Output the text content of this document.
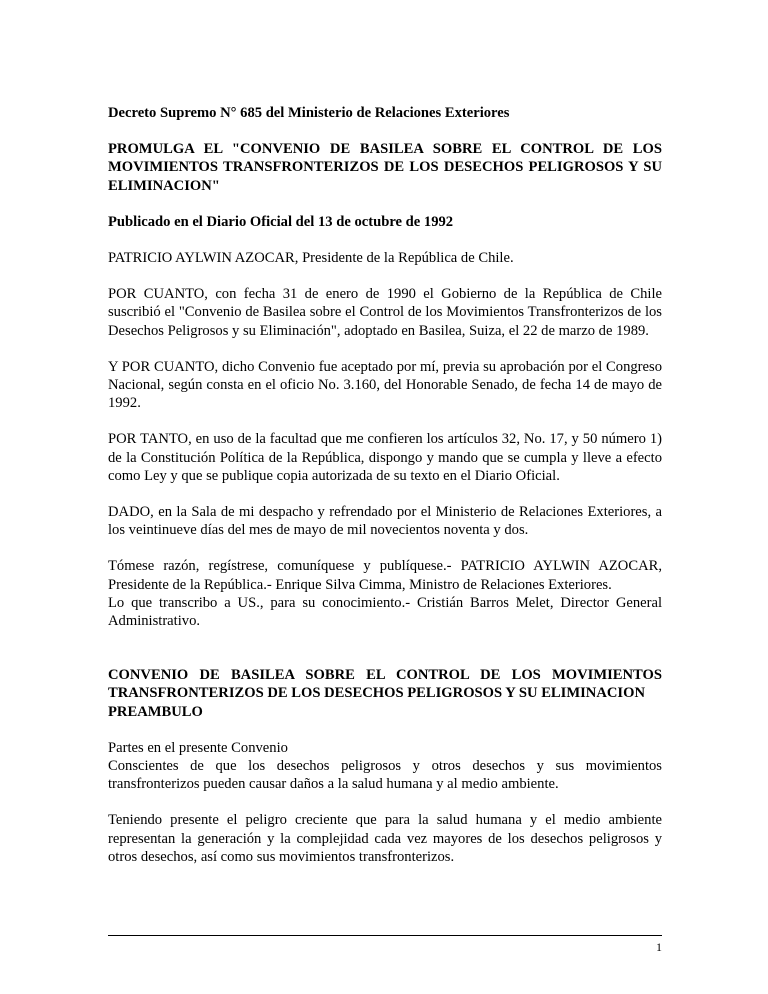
Decreto Supremo N° 685 del Ministerio de Relaciones Exteriores

PROMULGA EL "CONVENIO DE BASILEA SOBRE EL CONTROL DE LOS MOVIMIENTOS TRANSFRONTERIZOS DE LOS DESECHOS PELIGROSOS Y SU ELIMINACION"

Publicado en el Diario Oficial del 13 de octubre de 1992

PATRICIO AYLWIN AZOCAR, Presidente de la República de Chile.

POR CUANTO, con fecha 31 de enero de 1990 el Gobierno de la República de Chile suscribió el "Convenio de Basilea sobre el Control de los Movimientos Transfronterizos de los Desechos Peligrosos y su Eliminación", adoptado en Basilea, Suiza, el 22 de marzo de 1989.

Y POR CUANTO, dicho Convenio fue aceptado por mí, previa su aprobación por el Congreso Nacional, según consta en el oficio No. 3.160, del Honorable Senado, de fecha 14 de mayo de 1992.

POR TANTO, en uso de la facultad que me confieren los artículos 32, No. 17, y 50 número 1) de la Constitución Política de la República, dispongo y mando que se cumpla y lleve a efecto como Ley y que se publique copia autorizada de su texto en el Diario Oficial.

DADO, en la Sala de mi despacho y refrendado por el Ministerio de Relaciones Exteriores, a los veintinueve días del mes de mayo de mil novecientos noventa y dos.

Tómese razón, regístrese, comuníquese y publíquese.- PATRICIO AYLWIN AZOCAR, Presidente de la República.- Enrique Silva Cimma, Ministro de Relaciones Exteriores.

Lo que transcribo a US., para su conocimiento.- Cristián Barros Melet, Director General Administrativo.

CONVENIO DE BASILEA SOBRE EL CONTROL DE LOS MOVIMIENTOS TRANSFRONTERIZOS DE LOS DESECHOS PELIGROSOS Y SU ELIMINACION

PREAMBULO

Partes en el presente Convenio

Conscientes de que los desechos peligrosos y otros desechos y sus movimientos transfronterizos pueden causar daños a la salud humana y al medio ambiente.

Teniendo presente el peligro creciente que para la salud humana y el medio ambiente representan la generación y la complejidad cada vez mayores de los desechos peligrosos y otros desechos, así como sus movimientos transfronterizos.

1
